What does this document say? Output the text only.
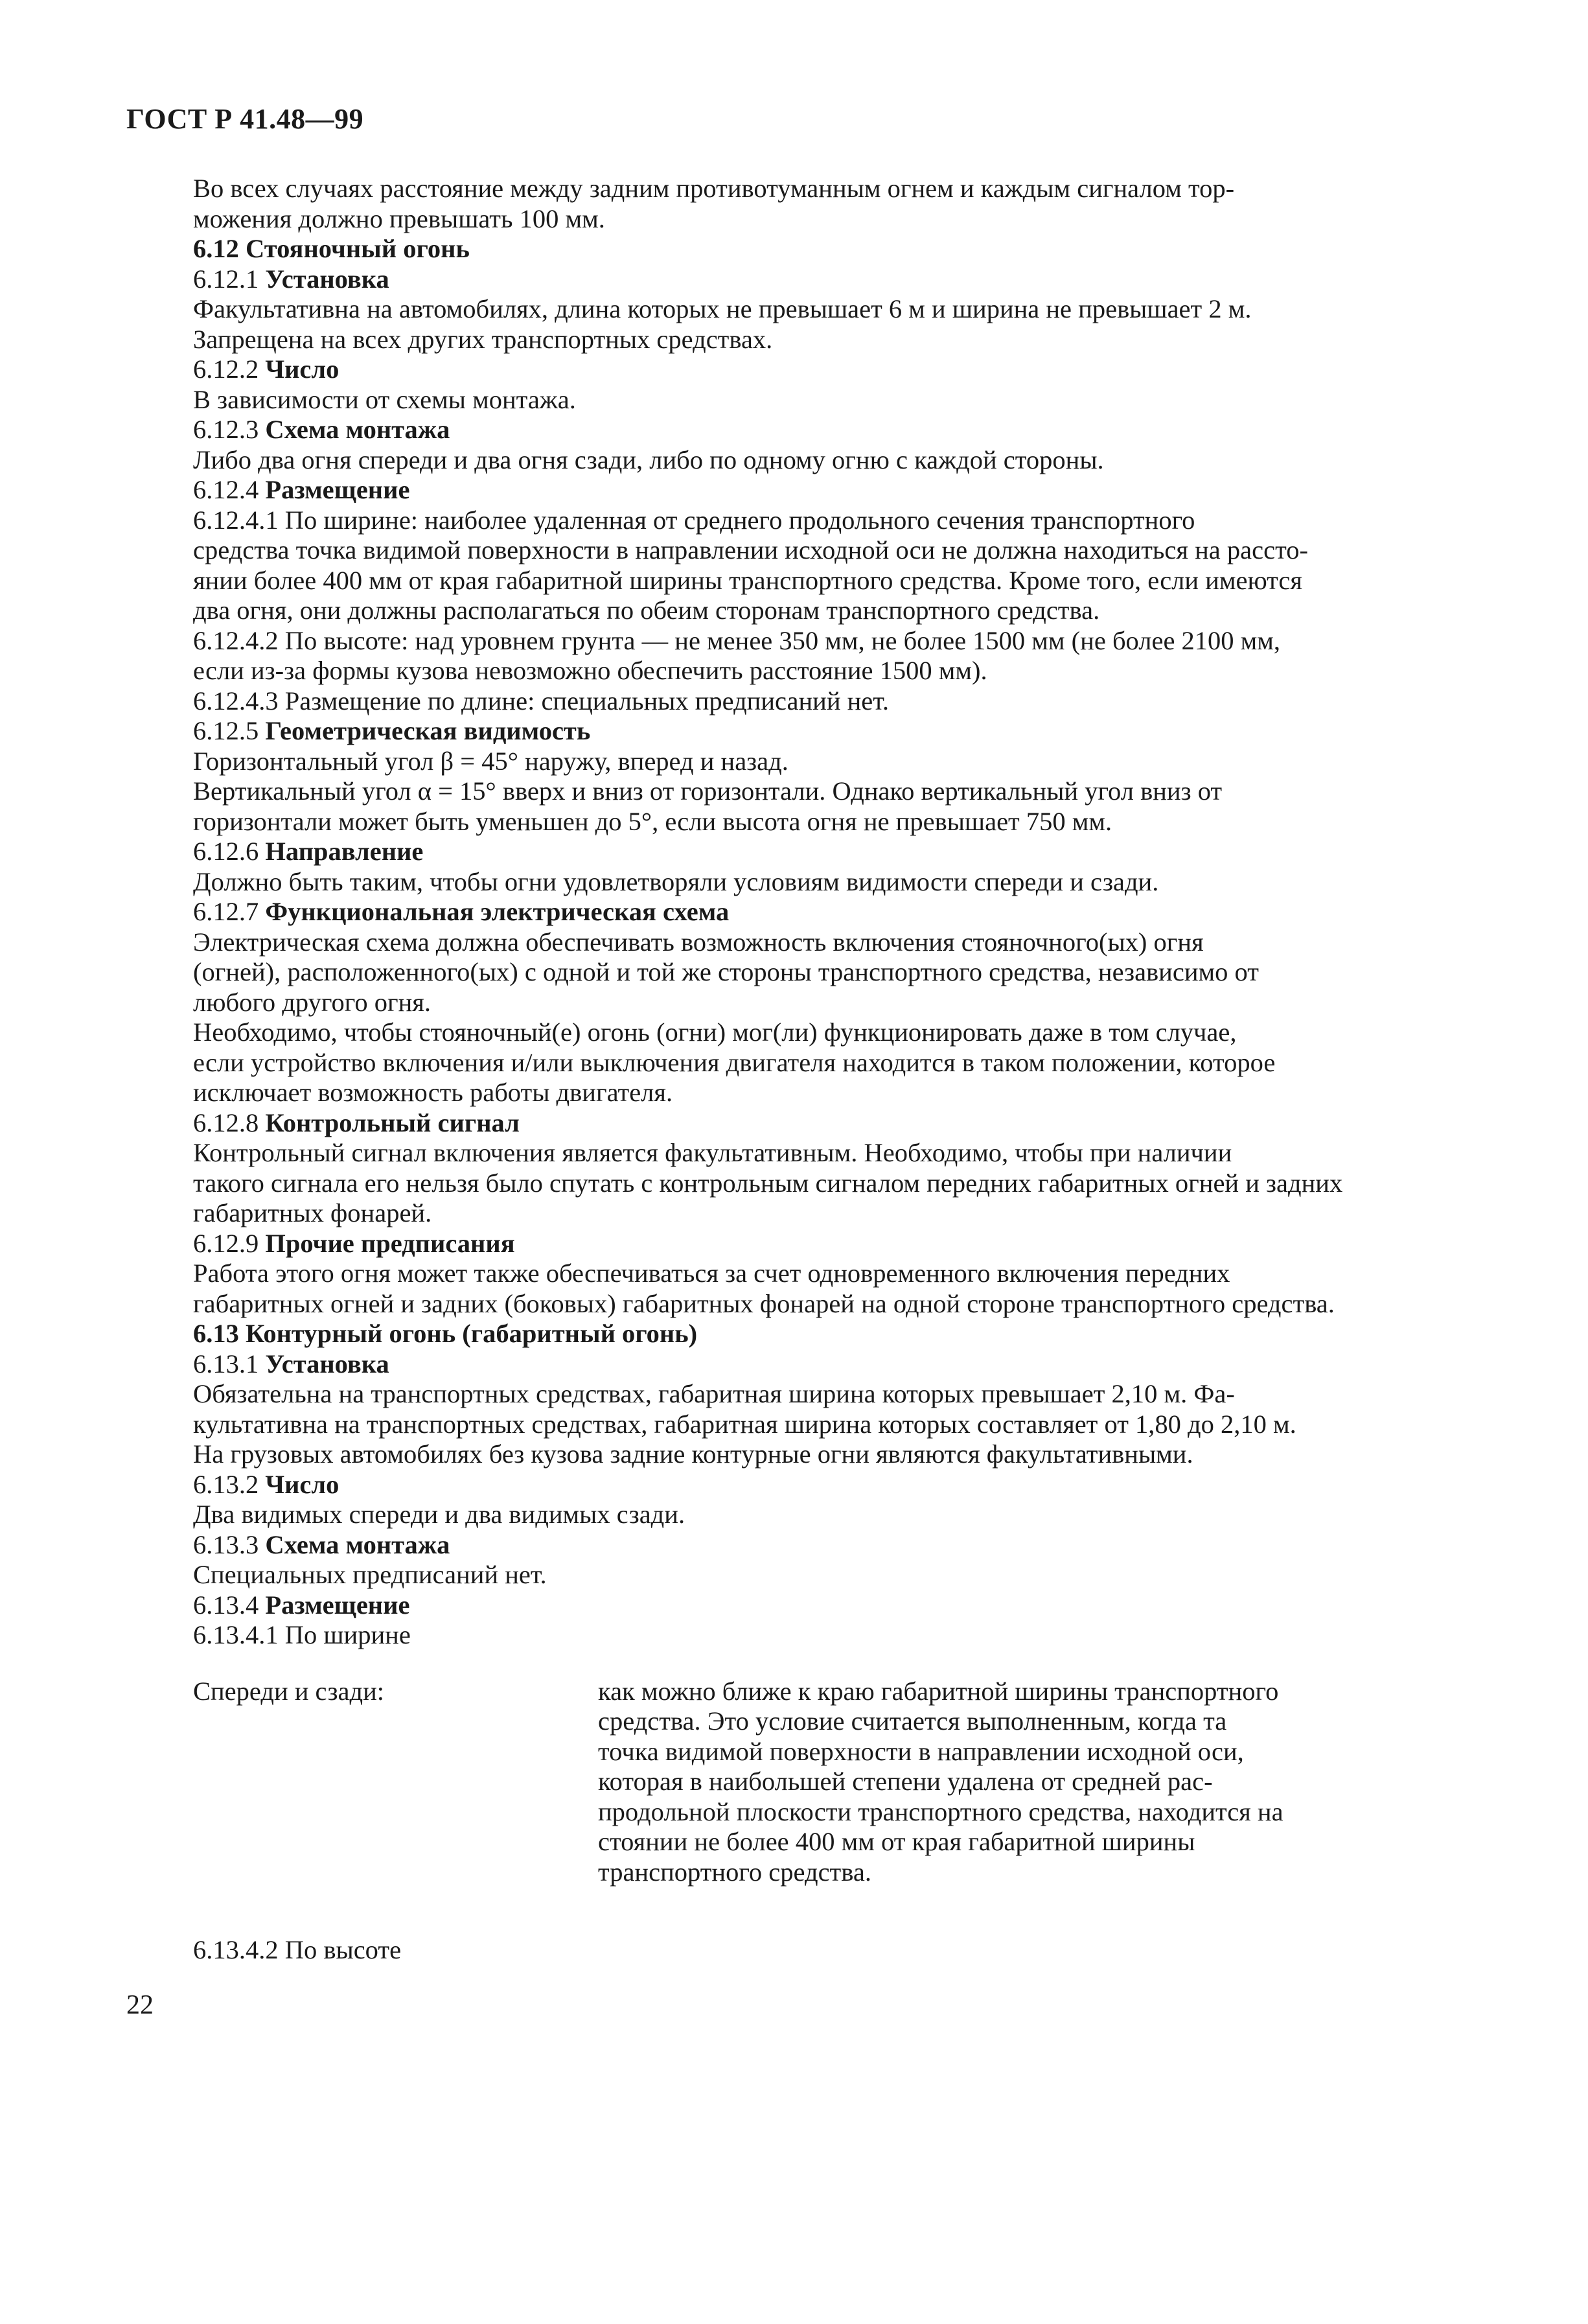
ГОСТ Р 41.48—99
Во всех случаях расстояние между задним противотуманным огнем и каждым сигналом тор-
можения должно превышать 100 мм.
6.12 Стояночный огонь
6.12.1 Установка
Факультативна на автомобилях, длина которых не превышает 6 м и ширина не превышает 2 м.
Запрещена на всех других транспортных средствах.
6.12.2 Число
В зависимости от схемы монтажа.
6.12.3 Схема монтажа
Либо два огня спереди и два огня сзади, либо по одному огню с каждой стороны.
6.12.4 Размещение
6.12.4.1 По ширине: наиболее удаленная от среднего продольного сечения транспортного
средства точка видимой поверхности в направлении исходной оси не должна находиться на рассто-
янии более 400 мм от края габаритной ширины транспортного средства. Кроме того, если имеются
два огня, они должны располагаться по обеим сторонам транспортного средства.
6.12.4.2 По высоте: над уровнем грунта — не менее 350 мм, не более 1500 мм (не более 2100 мм,
если из-за формы кузова невозможно обеспечить расстояние 1500 мм).
6.12.4.3 Размещение по длине: специальных предписаний нет.
6.12.5 Геометрическая видимость
Горизонтальный угол β = 45° наружу, вперед и назад.
Вертикальный угол α = 15° вверх и вниз от горизонтали. Однако вертикальный угол вниз от
горизонтали может быть уменьшен до 5°, если высота огня не превышает 750 мм.
6.12.6 Направление
Должно быть таким, чтобы огни удовлетворяли условиям видимости спереди и сзади.
6.12.7 Функциональная электрическая схема
Электрическая схема должна обеспечивать возможность включения стояночного(ых) огня
(огней), расположенного(ых) с одной и той же стороны транспортного средства, независимо от
любого другого огня.
Необходимо, чтобы стояночный(е) огонь (огни) мог(ли) функционировать даже в том случае,
если устройство включения и/или выключения двигателя находится в таком положении, которое
исключает возможность работы двигателя.
6.12.8 Контрольный сигнал
Контрольный сигнал включения является факультативным. Необходимо, чтобы при наличии
такого сигнала его нельзя было спутать с контрольным сигналом передних габаритных огней и задних
габаритных фонарей.
6.12.9 Прочие предписания
Работа этого огня может также обеспечиваться за счет одновременного включения передних
габаритных огней и задних (боковых) габаритных фонарей на одной стороне транспортного средства.
6.13 Контурный огонь (габаритный огонь)
6.13.1 Установка
Обязательна на транспортных средствах, габаритная ширина которых превышает 2,10 м. Фа-
культативна на транспортных средствах, габаритная ширина которых составляет от 1,80 до 2,10 м.
На грузовых автомобилях без кузова задние контурные огни являются факультативными.
6.13.2 Число
Два видимых спереди и два видимых сзади.
6.13.3 Схема монтажа
Специальных предписаний нет.
6.13.4 Размещение
6.13.4.1 По ширине
Спереди и сзади:	как можно ближе к краю габаритной ширины транспортного
средства. Это условие считается выполненным, когда та
точка видимой поверхности в направлении исходной оси,
которая в наибольшей степени удалена от средней рас-
продольной плоскости транспортного средства, находится на
стоянии не более 400 мм от края габаритной ширины
транспортного средства.
6.13.4.2 По высоте
22
